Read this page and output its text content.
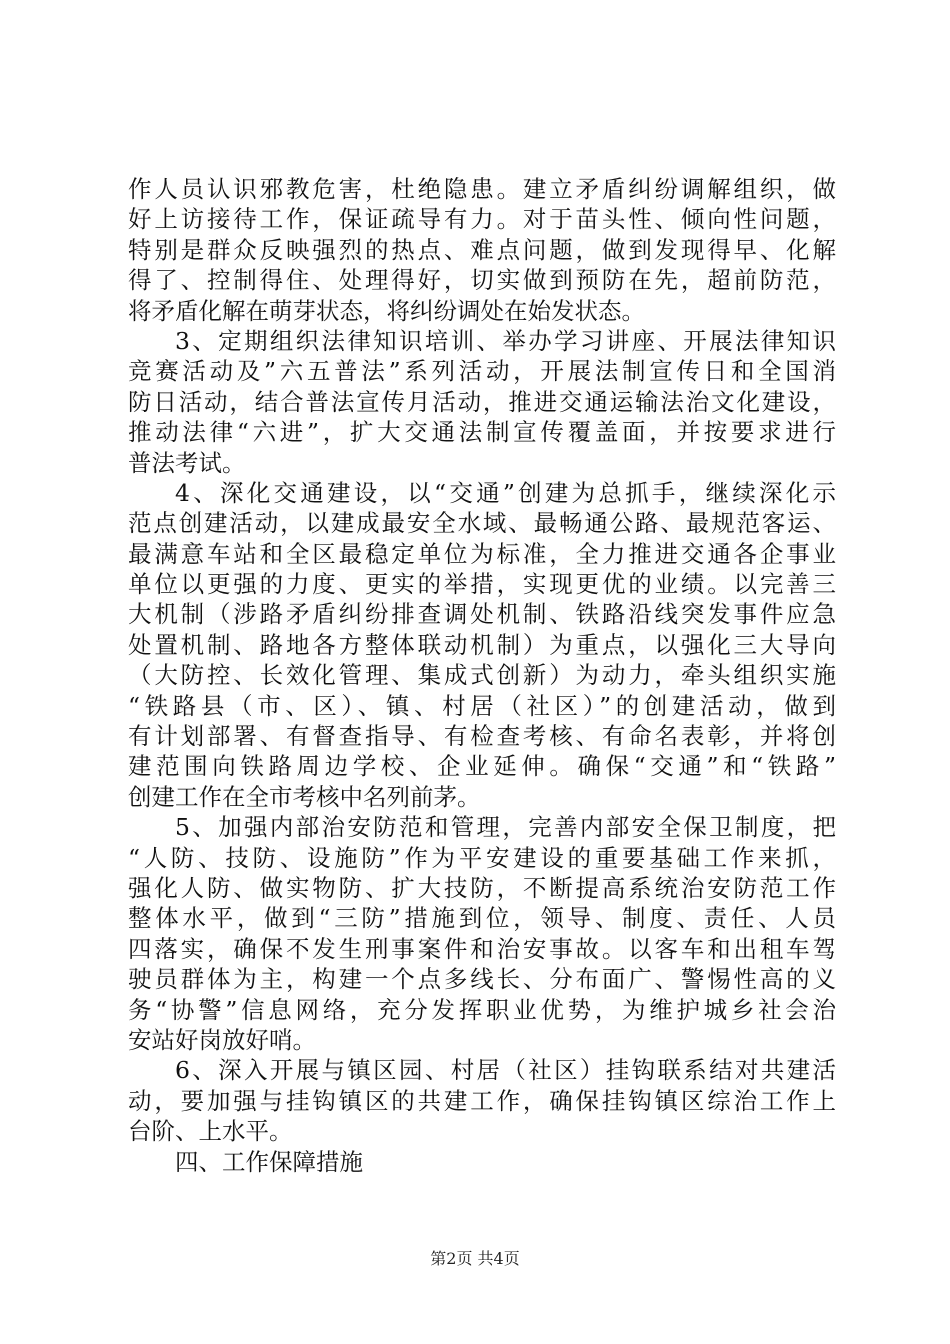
作人员认识邪教危害，杜绝隐患。建立矛盾纠纷调解组织，做
好上访接待工作，保证疏导有力。对于苗头性、倾向性问题，
特别是群众反映强烈的热点、难点问题，做到发现得早、化解
得了、控制得住、处理得好，切实做到预防在先，超前防范，
将矛盾化解在萌芽状态，将纠纷调处在始发状态。
3、定期组织法律知识培训、举办学习讲座、开展法律知识
竞赛活动及”六五普法”系列活动，开展法制宣传日和全国消
防日活动，结合普法宣传月活动，推进交通运输法治文化建设，
推动法律“六进”，扩大交通法制宣传覆盖面，并按要求进行
普法考试。
4、深化交通建设，以“交通”创建为总抓手，继续深化示
范点创建活动，以建成最安全水域、最畅通公路、最规范客运、
最满意车站和全区最稳定单位为标准，全力推进交通各企事业
单位以更强的力度、更实的举措，实现更优的业绩。以完善三
大机制（涉路矛盾纠纷排查调处机制、铁路沿线突发事件应急
处置机制、路地各方整体联动机制）为重点，以强化三大导向
（大防控、长效化管理、集成式创新）为动力，牵头组织实施
“铁路县（市、区）、镇、村居（社区）”的创建活动，做到
有计划部署、有督查指导、有检查考核、有命名表彰，并将创
建范围向铁路周边学校、企业延伸。确保“交通”和“铁路”
创建工作在全市考核中名列前茅。
5、加强内部治安防范和管理，完善内部安全保卫制度，把
“人防、技防、设施防”作为平安建设的重要基础工作来抓，
强化人防、做实物防、扩大技防，不断提高系统治安防范工作
整体水平，做到“三防”措施到位，领导、制度、责任、人员
四落实，确保不发生刑事案件和治安事故。以客车和出租车驾
驶员群体为主，构建一个点多线长、分布面广、警惕性高的义
务“协警”信息网络，充分发挥职业优势，为维护城乡社会治
安站好岗放好哨。
6、深入开展与镇区园、村居（社区）挂钩联系结对共建活
动，要加强与挂钩镇区的共建工作，确保挂钩镇区综治工作上
台阶、上水平。
四、工作保障措施
第2页 共4页
